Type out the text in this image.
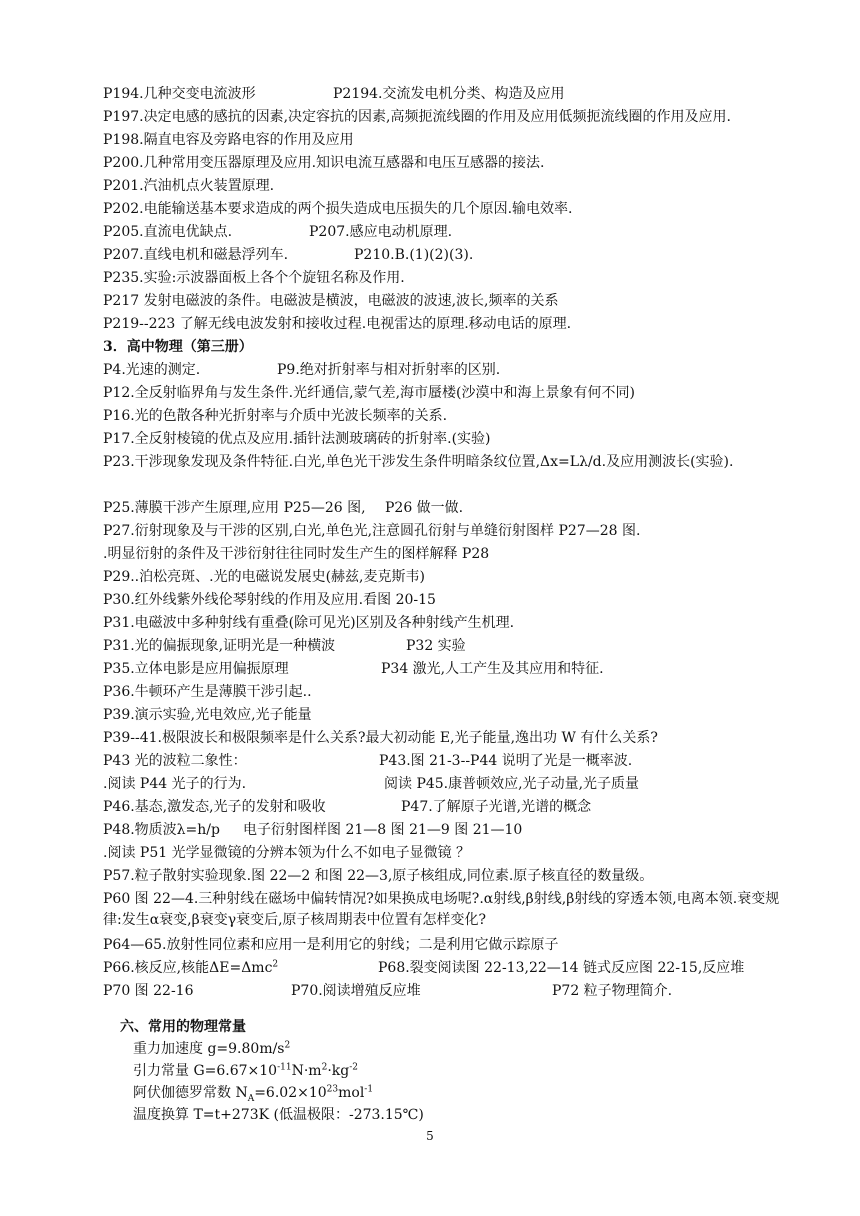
P194.几种交变电流波形	P2194.交流发电机分类、构造及应用
P197.决定电感的感抗的因素,决定容抗的因素,高频扼流线圈的作用及应用低频扼流线圈的作用及应用.
P198.隔直电容及旁路电容的作用及应用
P200.几种常用变压器原理及应用.知识电流互感器和电压互感器的接法.
P201.汽油机点火装置原理.
P202.电能输送基本要求造成的两个损失造成电压损失的几个原因.输电效率.
P205.直流电优缺点.	P207.感应电动机原理.
P207.直线电机和磁悬浮列车.	P210.B.(1)(2)(3).
P235.实验:示波器面板上各个个旋钮名称及作用.
P217 发射电磁波的条件。电磁波是横波，电磁波的波速,波长,频率的关系
P219--223 了解无线电波发射和接收过程.电视雷达的原理.移动电话的原理.
3．高中物理（第三册）
P4.光速的测定.	P9.绝对折射率与相对折射率的区别.
P12.全反射临界角与发生条件.光纤通信,蒙气差,海市蜃楼(沙漠中和海上景象有何不同)
P16.光的色散各种光折射率与介质中光波长频率的关系.
P17.全反射棱镜的优点及应用.插针法测玻璃砖的折射率.(实验)
P23.干涉现象发现及条件特征.白光,单色光干涉发生条件明暗条纹位置,Δx=Lλ/d.及应用测波长(实验).
P25.薄膜干涉产生原理,应用 P25—26 图, P26 做一做.
P27.衍射现象及与干涉的区别,白光,单色光,注意圆孔衍射与单缝衍射图样 P27—28 图.
.明显衍射的条件及干涉衍射往往同时发生产生的图样解释 P28
P29..泊松亮斑、.光的电磁说发展史(赫兹,麦克斯韦)
P30.红外线紫外线伦琴射线的作用及应用.看图 20-15
P31.电磁波中多种射线有重叠(除可见光)区别及各种射线产生机理.
P31.光的偏振现象,证明光是一种横波	P32 实验
P35.立体电影是应用偏振原理	P34 激光,人工产生及其应用和特征.
P36.牛顿环产生是薄膜干涉引起..
P39.演示实验,光电效应,光子能量
P39--41.极限波长和极限频率是什么关系?最大初动能 E,光子能量,逸出功 W 有什么关系?
P43 光的波粒二象性：	P43.图 21-3--P44 说明了光是一概率波.
.阅读 P44 光子的行为.	阅读 P45.康普顿效应,光子动量,光子质量
P46.基态,激发态,光子的发射和吸收	P47.了解原子光谱,光谱的概念
P48.物质波λ=h/p 电子衍射图样图 21—8 图 21—9 图 21—10
.阅读 P51 光学显微镜的分辨本领为什么不如电子显微镜 ？
P57.粒子散射实验现象.图 22—2 和图 22—3,原子核组成,同位素.原子核直径的数量级。
P60 图 22—4.三种射线在磁场中偏转情况?如果换成电场呢?.α射线,β射线,β射线的穿透本领,电离本领.衰变规律:发生α衰变,β衰变γ衰变后,原子核周期表中位置有怎样变化?
P64—65.放射性同位素和应用一是利用它的射线；二是利用它做示踪原子
P66.核反应,核能ΔE=Δmc$^2$	P68.裂变阅读图 22-13,22—14 链式反应图 22-15,反应堆
P70 图 22-16	P70.阅读增殖反应堆	P72 粒子物理简介.
六、常用的物理常量
重力加速度 $g=9.80m/s^2$
引力常量 $G=6.67\times 10^{-11}N\cdot m^2\cdot kg^{-2}$
阿伏伽德罗常数 $N_A=6.02\times 10^{23}mol^{-1}$
温度换算 T=t+273K (低温极限：-273.15℃)
5
